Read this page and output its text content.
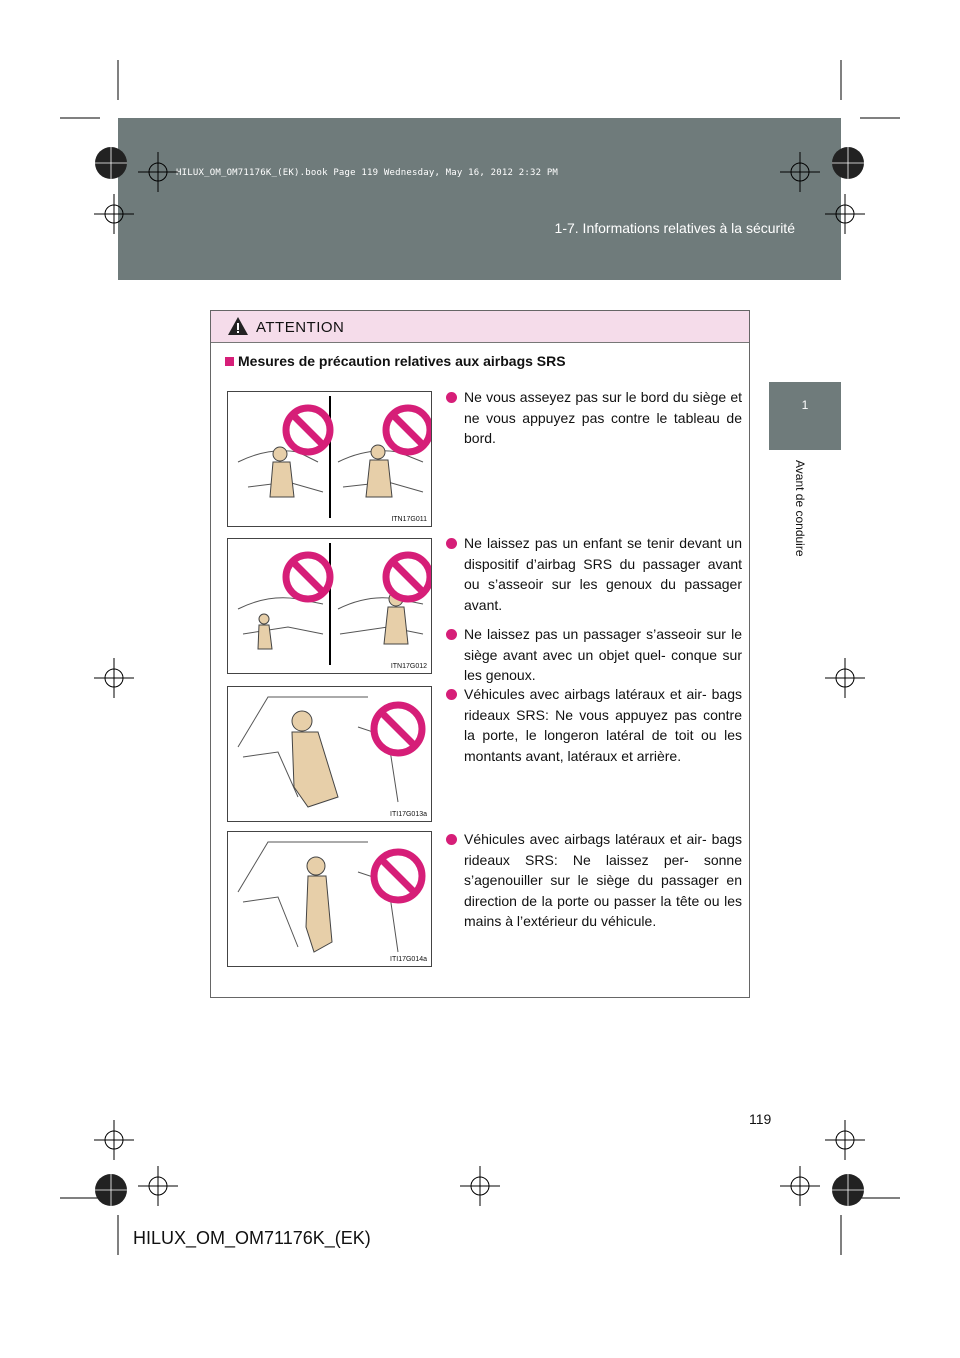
HILUX_OM_OM71176K_(EK).book Page 119 Wednesday, May 16, 2012 2:32 PM
1-7. Informations relatives à la sécurité
1
Avant de conduire
ATTENTION
Mesures de précaution relatives aux airbags SRS
ITN17G011
ITN17G012
ITI17G013a
ITI17G014a
Ne vous asseyez pas sur le bord du siège et ne vous appuyez pas contre le tableau de bord.
Ne laissez pas un enfant se tenir devant un dispositif d’airbag SRS du passager avant ou s’asseoir sur les genoux du passager avant.
Ne laissez pas un passager s’asseoir sur le siège avant avec un objet quel- conque sur les genoux.
Véhicules avec airbags latéraux et air- bags rideaux SRS: Ne vous appuyez pas contre la porte, le longeron latéral de toit ou les montants avant, latéraux et arrière.
Véhicules avec airbags latéraux et air- bags rideaux SRS: Ne laissez per- sonne s’agenouiller sur le siège du passager en direction de la porte ou passer la tête ou les mains à l’extérieur du véhicule.
119
HILUX_OM_OM71176K_(EK)
